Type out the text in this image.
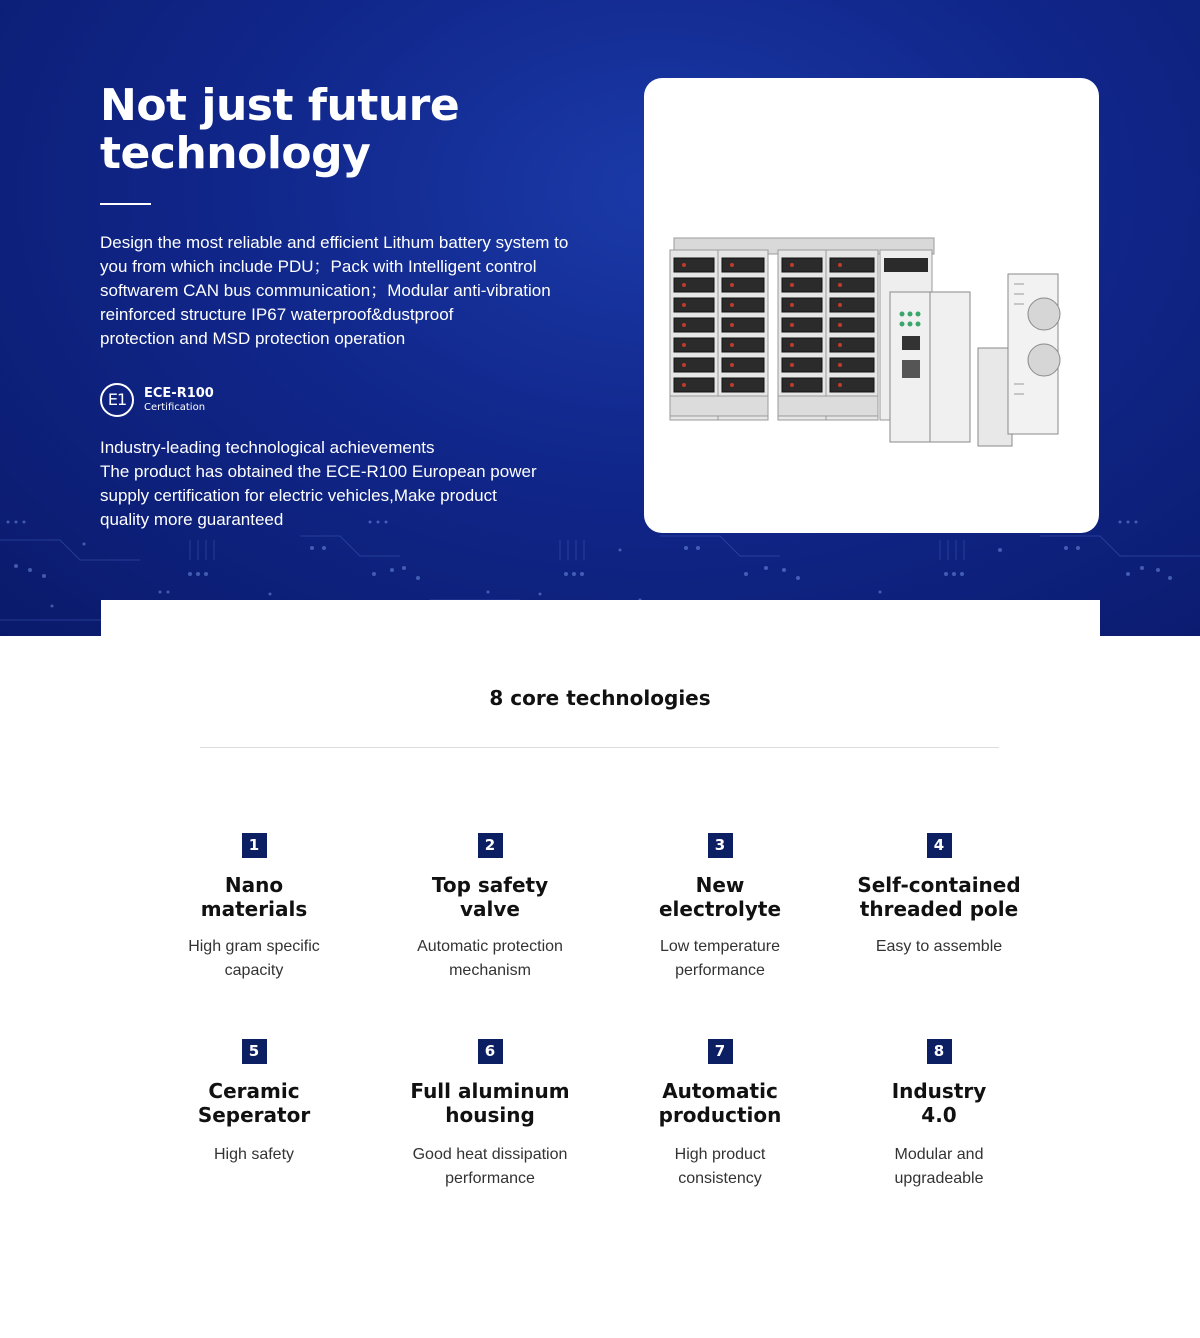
Not just future
technology
Design the most reliable and efficient Lithum battery system to
you from which include PDU；Pack with Intelligent control
softwarem CAN bus communication；Modular anti-vibration
reinforced structure IP67 waterproof&dustproof
protection and MSD protection operation
E1	ECE-R100
Certification
Industry-leading technological achievements
The product has obtained the ECE-R100 European power
supply certification for electric vehicles,Make product
quality more guaranteed
8 core technologies
1
Nano
materials
High gram specific
capacity
2
Top safety
valve
Automatic protection
mechanism
3
New
electrolyte
Low temperature
performance
4
Self-contained
threaded pole
Easy to assemble
5
Ceramic
Seperator
High safety
6
Full aluminum
housing
Good heat dissipation
performance
7
Automatic
production
High product
consistency
8
Industry
4.0
Modular and
upgradeable
